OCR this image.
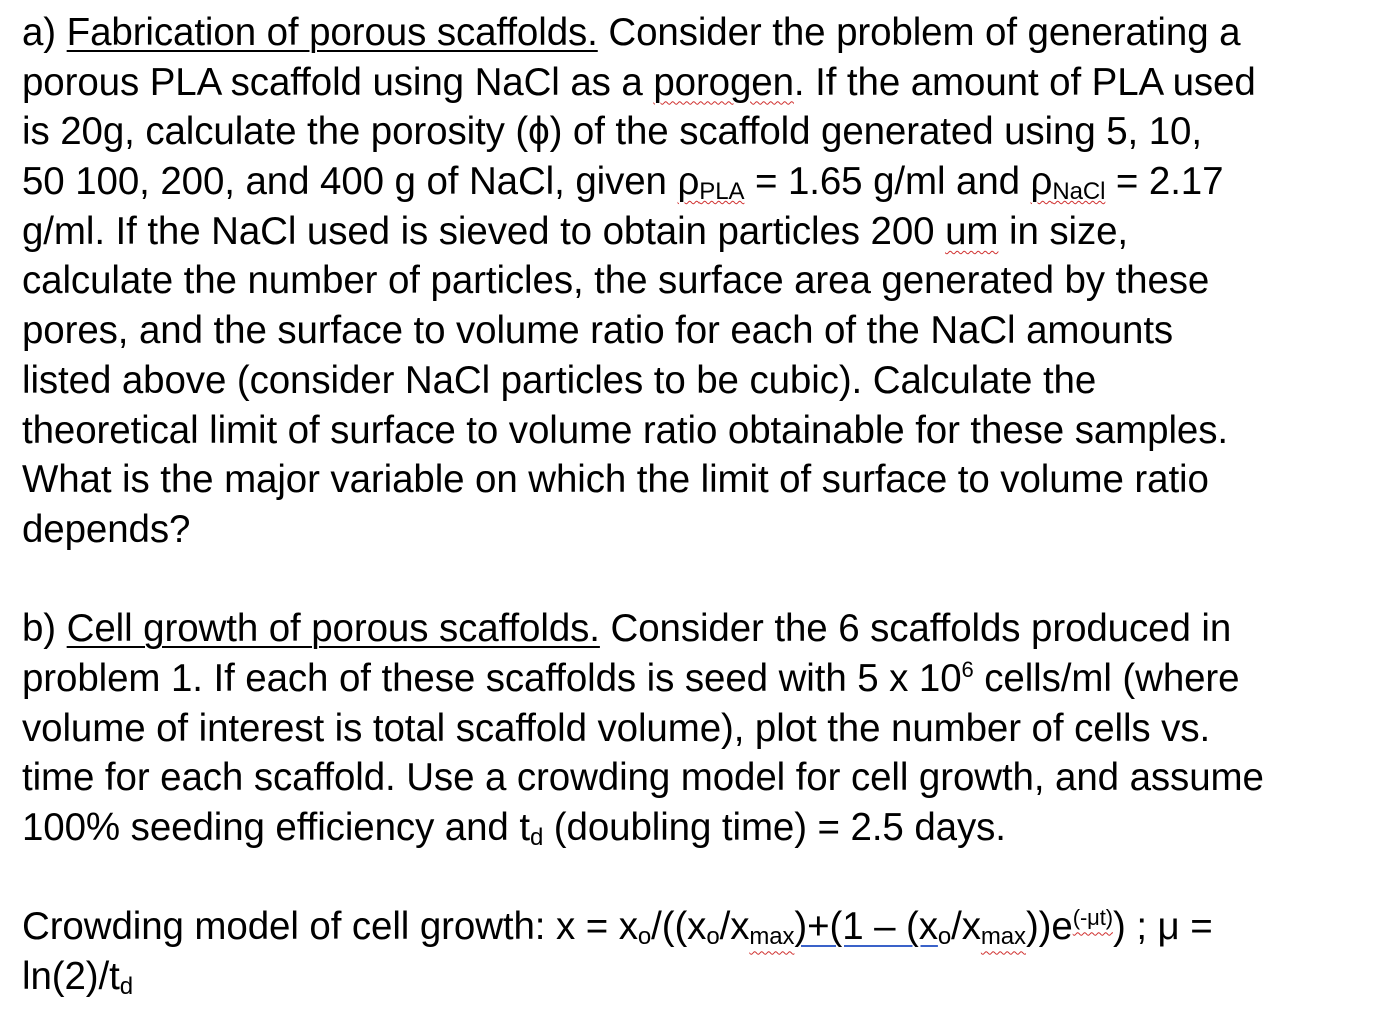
a) Fabrication of porous scaffolds. Consider the problem of generating a
porous PLA scaffold using NaCl as a porogen. If the amount of PLA used
is 20g, calculate the porosity (ϕ) of the scaffold generated using 5, 10,
50 100, 200, and 400 g of NaCl, given $\rho_{PLA} = 1.65$ g/ml and $\rho_{NaCl} = 2.17$
g/ml. If the NaCl used is sieved to obtain particles 200 um in size,
calculate the number of particles, the surface area generated by these
pores, and the surface to volume ratio for each of the NaCl amounts
listed above (consider NaCl particles to be cubic). Calculate the
theoretical limit of surface to volume ratio obtainable for these samples.
What is the major variable on which the limit of surface to volume ratio
depends?
b) Cell growth of porous scaffolds. Consider the 6 scaffolds produced in
problem 1. If each of these scaffolds is seed with 5 x $10^6$ cells/ml (where
volume of interest is total scaffold volume), plot the number of cells vs.
time for each scaffold. Use a crowding model for cell growth, and assume
100% seeding efficiency and $t_d$ (doubling time) = 2.5 days.
Crowding model of cell growth: $x = x_o/((x_o/x_{max})+(1 - (x_o/x_{max}))e^{(-\mu t)})$ ; μ =
$\ln(2)/t_d$
